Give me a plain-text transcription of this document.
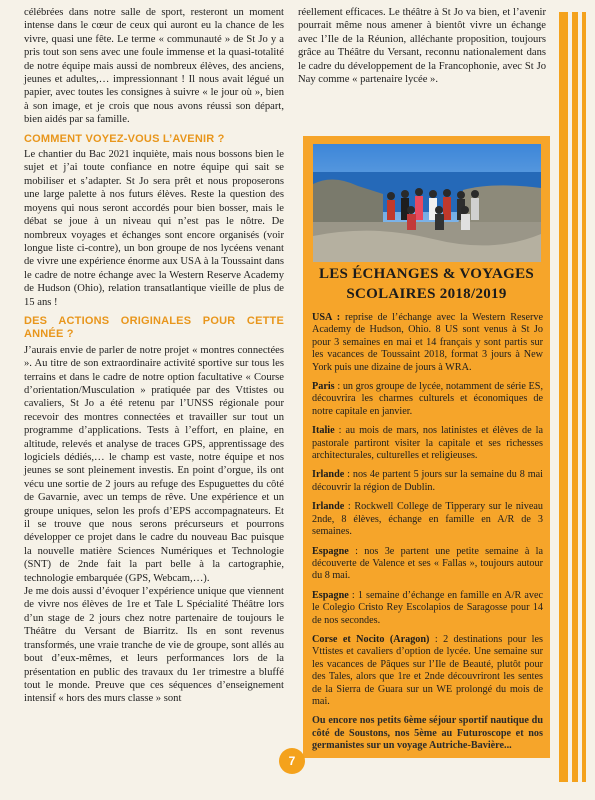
célébrées dans notre salle de sport, resteront un moment intense dans le cœur de ceux qui auront eu la chance de les vivre, quasi une fête. Le terme « communauté » de St Jo y a pris tout son sens avec une foule immense et la quasi-totalité de notre équipe mais aussi de nombreux élèves, des anciens, jeunes et adultes,… impressionnant ! Il nous avait légué un papier, avec toutes les consignes à suivre « le jour où », bien à son image, et je crois que nous avons réussi son départ, bien aidés par sa famille.

COMMENT VOYEZ-VOUS L’AVENIR ?

Le chantier du Bac 2021 inquiète, mais nous bossons bien le sujet et j’ai toute confiance en notre équipe qui sait se mobiliser et s’adapter. St Jo sera prêt et nous proposerons une large palette à nos futurs élèves. Reste la question des moyens qui nous seront accordés pour bien bosser, mais le débat se joue à un niveau qui n’est pas le nôtre. De nombreux voyages et échanges sont encore organisés (voir longue liste ci-contre), un bon groupe de nos lycéens venant de vivre une expérience énorme aux USA à la Toussaint dans le cadre de notre échange avec la Western Reserve Academy de Hudson (Ohio), relation transatlantique vieille de plus de 15 ans !

DES ACTIONS ORIGINALES POUR CETTE ANNÉE ?

J’aurais envie de parler de notre projet « montres connectées ». Au titre de son extraordinaire activité sportive sur tous les terrains et dans le cadre de notre option facultative « Course d’orientation/Musculation » pratiquée par des Vttistes ou cavaliers, St Jo a été retenu par l’UNSS régionale pour recevoir des montres connectées et travailler sur tout un programme d’applications. Tests à l’effort, en plaine, en altitude, relevés et analyse de traces GPS, apprentissage des logiciels dédiés,… le champ est vaste, notre équipe et nos jeunes se sont pleinement investis. En point d’orgue, ils ont vécu une sortie de 2 jours au refuge des Espuguettes du côté de Gavarnie, avec un temps de rêve. Une expérience et un groupe uniques, selon les profs d’EPS accompagnateurs. Et il se trouve que nous serons précurseurs et pourrons développer ce projet dans le cadre du nouveau Bac puisque la nouvelle matière Sciences Numériques et Technologie (SNT) de 2nde fait la part belle à la cartographie, technologie embarquée (GPS, Webcam,…).

Je me dois aussi d’évoquer l’expérience unique que viennent de vivre nos élèves de 1re et Tale L Spécialité Théâtre lors d’un stage de 2 jours chez notre partenaire de toujours le Théâtre du Versant de Biarritz. Ils en sont revenus transformés, une vraie tranche de vie de groupe, sont allés au bout d’eux-mêmes, et leurs performances lors de la présentation en public des travaux du 1er trimestre a bluffé tout le monde. Preuve que ces séquences d’enseignement intensif « hors des murs classe » sont

réellement efficaces. Le théâtre à St Jo va bien, et l’avenir pourrait même nous amener à bientôt vivre un échange avec l’Ile de la Réunion, alléchante proposition, toujours grâce au Théâtre du Versant, reconnu nationalement dans le cadre du développement de la Francophonie, avec St Jo Nay comme « partenaire lycée ».
LES ÉCHANGES & VOYAGES
SCOLAIRES 2018/2019

USA : reprise de l’échange avec la Western Reserve Academy de Hudson, Ohio. 8 US sont venus à St Jo pour 3 semaines en mai et 14 français y sont partis sur les vacances de Toussaint 2018, format 3 jours à New York puis une dizaine de jours à WRA.

Paris : un gros groupe de lycée, notamment de série ES, découvrira les charmes culturels et économiques de notre capitale en janvier.

Italie : au mois de mars, nos latinistes et élèves de la pastorale partiront visiter la capitale et ses richesses architecturales, culturelles et religieuses.

Irlande : nos 4e partent 5 jours sur la semaine du 8 mai découvrir la région de Dublin.

Irlande : Rockwell College de Tipperary sur le niveau 2nde, 8 élèves, échange en famille en A/R de 3 semaines.

Espagne : nos 3e partent une petite semaine à la découverte de Valence et ses « Fallas », toujours autour du 8 mai.

Espagne : 1 semaine d’échange en famille en A/R avec le Colegio Cristo Rey Escolapios de Saragosse pour 14 de nos secondes.

Corse et Nocito (Aragon) : 2 destinations pour les Vttistes et cavaliers d’option de lycée. Une semaine sur les vacances de Pâques sur l’Ile de Beauté, plutôt pour des Tales, alors que 1re et 2nde découvriront les sentes de la Sierra de Guara sur un WE prolongé du mois de mai.

Ou encore nos petits 6ème séjour sportif nautique du côté de Soustons, nos 5ème au Futuroscope et nos germanistes sur un voyage Autriche-Bavière...

7
